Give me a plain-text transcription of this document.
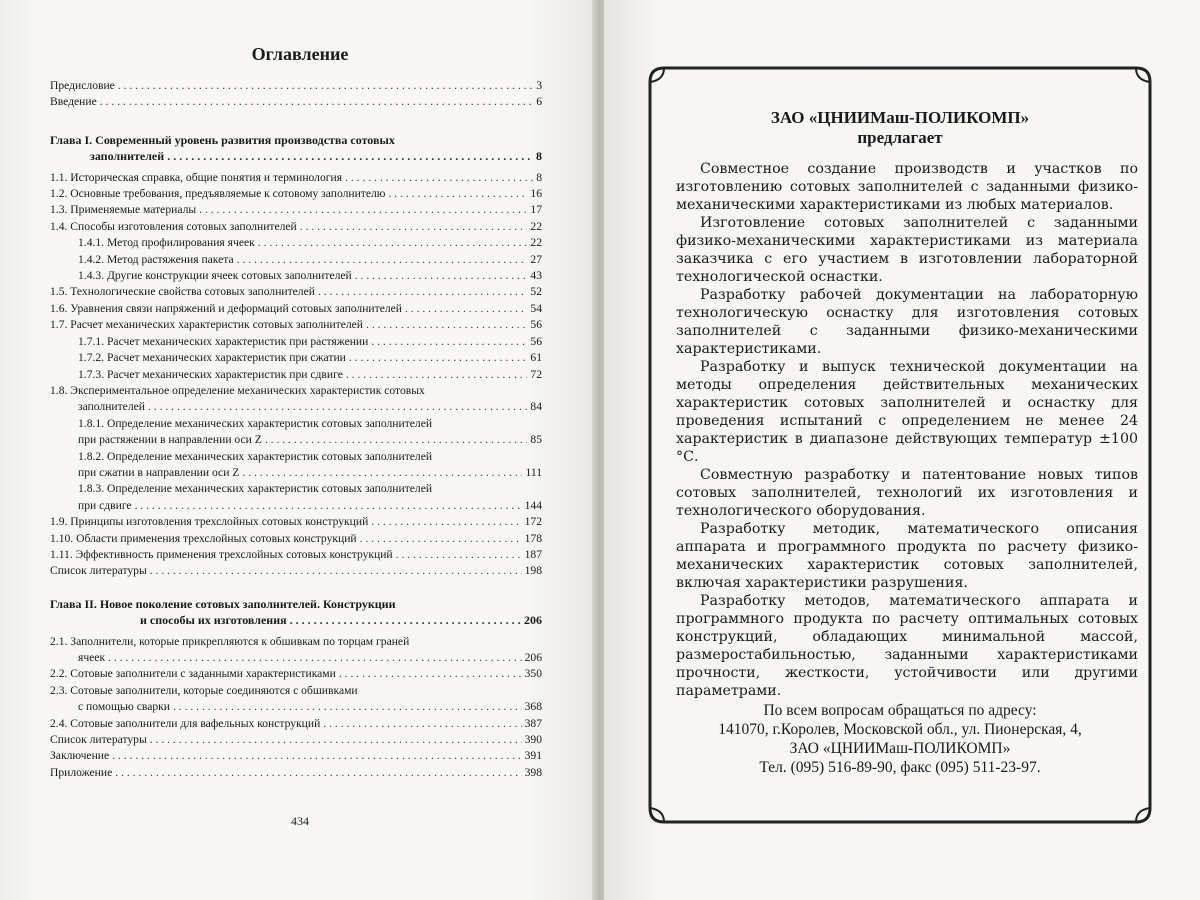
Оглавление
Предисловие . . .	3
Введение . . .	6
Глава I. Современный уровень развития производства сотовых
заполнителей . . .	8
1.1. Историческая справка, общие понятия и терминология . . .	8
1.2. Основные требования, предъявляемые к сотовому заполнителю . . .	16
1.3. Применяемые материалы . . .	17
1.4. Способы изготовления сотовых заполнителей . . .	22
1.4.1. Метод профилирования ячеек . . .	22
1.4.2. Метод растяжения пакета . . .	27
1.4.3. Другие конструкции ячеек сотовых заполнителей . . .	43
1.5. Технологические свойства сотовых заполнителей . . .	52
1.6. Уравнения связи напряжений и деформаций сотовых заполнителей . . .	54
1.7. Расчет механических характеристик сотовых заполнителей . . .	56
1.7.1. Расчет механических характеристик при растяжении . . .	56
1.7.2. Расчет механических характеристик при сжатии . . .	61
1.7.3. Расчет механических характеристик при сдвиге . . .	72
1.8. Экспериментальное определение механических характеристик сотовых
заполнителей . . .	84
1.8.1. Определение механических характеристик сотовых заполнителей
при растяжении в направлении оси Z . . .	85
1.8.2. Определение механических характеристик сотовых заполнителей
при сжатии в направлении оси Z . . .	111
1.8.3. Определение механических характеристик сотовых заполнителей
при сдвиге . . .	144
1.9. Принципы изготовления трехслойных сотовых конструкций . . .	172
1.10. Области применения трехслойных сотовых конструкций . . .	178
1.11. Эффективность применения трехслойных сотовых конструкций . . .	187
Список литературы . . .	198
Глава II. Новое поколение сотовых заполнителей. Конструкции
и способы их изготовления . . .	206
2.1. Заполнители, которые прикрепляются к обшивкам по торцам граней
ячеек . . .	206
2.2. Сотовые заполнители с заданными характеристиками . . .	350
2.3. Сотовые заполнители, которые соединяются с обшивками
с помощью сварки . . .	368
2.4. Сотовые заполнители для вафельных конструкций . . .	387
Список литературы . . .	390
Заключение . . .	391
Приложение . . .	398
434
ЗАО «ЦНИИМаш-ПОЛИКОМП»
предлагает

Совместное создание производств и участков по изготовлению сотовых заполнителей с заданными физико-механическими характеристиками из любых материалов.

Изготовление сотовых заполнителей с заданными физико-механическими характеристиками из материала заказчика с его участием в изготовлении лабораторной технологической оснастки.

Разработку рабочей документации на лабораторную технологическую оснастку для изготовления сотовых заполнителей с заданными физико-механическими характеристиками.

Разработку и выпуск технической документации на методы определения действительных механических характеристик сотовых заполнителей и оснастку для проведения испытаний с определением не менее 24 характеристик в диапазоне действующих температур ±100 °С.

Совместную разработку и патентование новых типов сотовых заполнителей, технологий их изготовления и технологического оборудования.

Разработку методик, математического описания аппарата и программного продукта по расчету физико-механических характеристик сотовых заполнителей, включая характеристики разрушения.

Разработку методов, математического аппарата и программного продукта по расчету оптимальных сотовых конструкций, обладающих минимальной массой, размеростабильностью, заданными характеристиками прочности, жесткости, устойчивости или другими параметрами.

По всем вопросам обращаться по адресу:
141070, г.Королев, Московской обл., ул. Пионерская, 4,
ЗАО «ЦНИИМаш-ПОЛИКОМП»
Тел. (095) 516-89-90, факс (095) 511-23-97.
